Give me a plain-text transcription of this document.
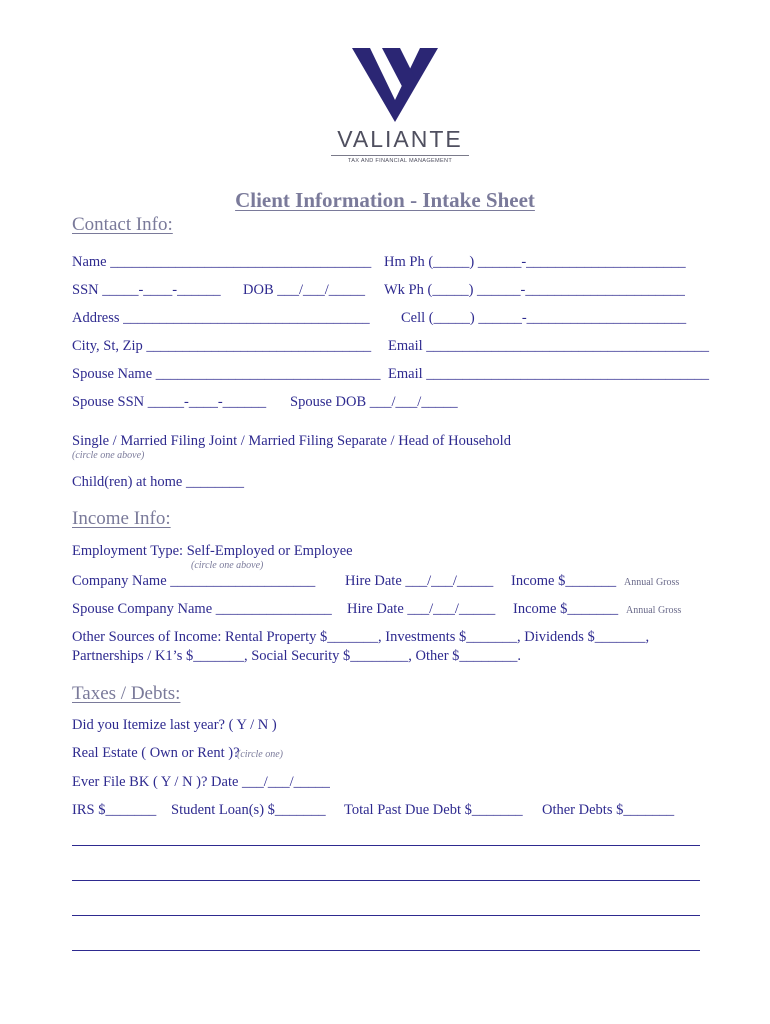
VALIANTE
TAX AND FINANCIAL MANAGEMENT
Client Information - Intake Sheet
Contact Info:
Name ____________________________________ Hm Ph (_____) ______-______________________
SSN _____-____-______ DOB ___/___/_____ Wk Ph (_____) ______-______________________
Address __________________________________ Cell (_____) ______-______________________
City, St, Zip _______________________________ Email _______________________________________
Spouse Name _______________________________ Email _______________________________________
Spouse SSN _____-____-______ Spouse DOB ___/___/_____
Single / Married Filing Joint / Married Filing Separate / Head of Household
(circle one above)
Child(ren) at home ________
Income Info:
Employment Type: Self-Employed or Employee
(circle one above)
Company Name ____________________ Hire Date ___/___/_____ Income $_______ Annual Gross
Spouse Company Name ________________ Hire Date ___/___/_____ Income $_______ Annual Gross
Other Sources of Income: Rental Property $_______, Investments $_______, Dividends $_______,
Partnerships / K1’s $_______, Social Security $________, Other $________.
Taxes / Debts:
Did you Itemize last year? ( Y / N )
Real Estate ( Own or Rent )?
(circle one)
Ever File BK ( Y / N )? Date ___/___/_____
IRS $_______ Student Loan(s) $_______ Total Past Due Debt $_______ Other Debts $_______
